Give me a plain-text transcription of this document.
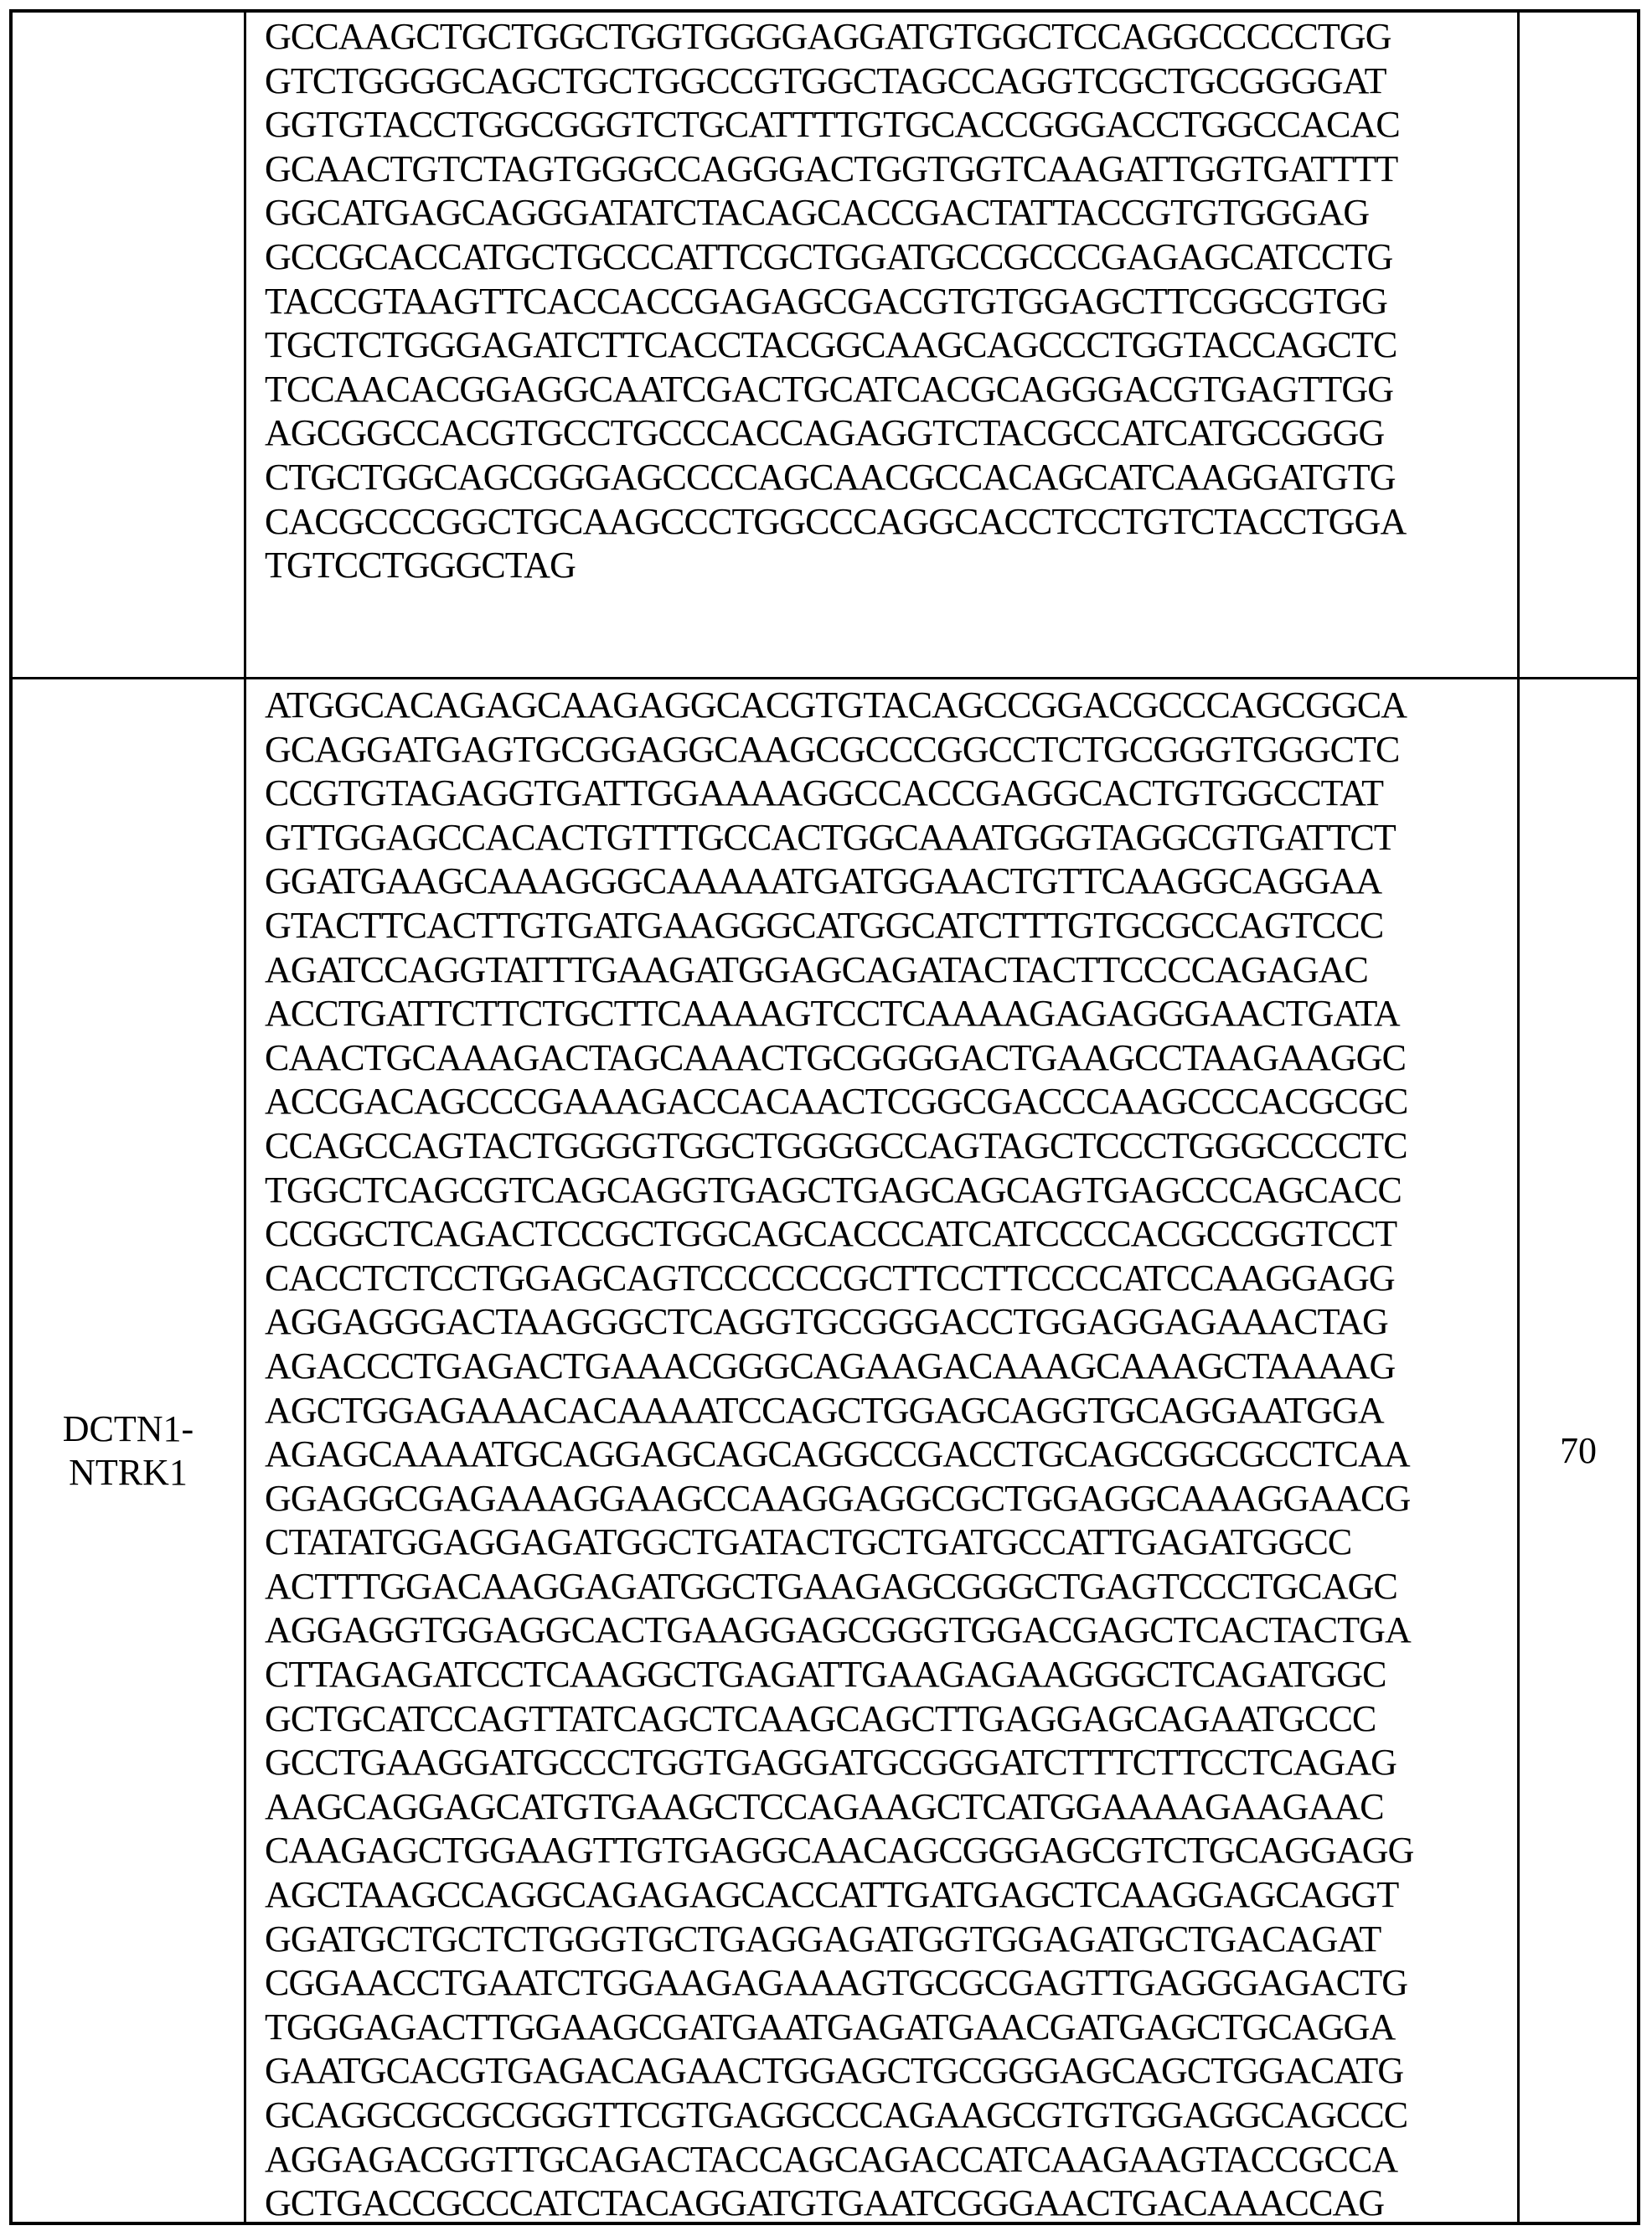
GCCAAGCTGCTGGCTGGTGGGGAGGATGTGGCTCCAGGCCCCCTGG
GTCTGGGGCAGCTGCTGGCCGTGGCTAGCCAGGTCGCTGCGGGGAT
GGTGTACCTGGCGGGTCTGCATTTTGTGCACCGGGACCTGGCCACAC
GCAACTGTCTAGTGGGCCAGGGACTGGTGGTCAAGATTGGTGATTTT
GGCATGAGCAGGGATATCTACAGCACCGACTATTACCGTGTGGGAG
GCCGCACCATGCTGCCCATTCGCTGGATGCCGCCCGAGAGCATCCTG
TACCGTAAGTTCACCACCGAGAGCGACGTGTGGAGCTTCGGCGTGG
TGCTCTGGGAGATCTTCACCTACGGCAAGCAGCCCTGGTACCAGCTC
TCCAACACGGAGGCAATCGACTGCATCACGCAGGGACGTGAGTTGG
AGCGGCCACGTGCCTGCCCACCAGAGGTCTACGCCATCATGCGGGG
CTGCTGGCAGCGGGAGCCCCAGCAACGCCACAGCATCAAGGATGTG
CACGCCCGGCTGCAAGCCCTGGCCCAGGCACCTCCTGTCTACCTGGA
TGTCCTGGGCTAG
DCTN1-
NTRK1
ATGGCACAGAGCAAGAGGCACGTGTACAGCCGGACGCCCAGCGGCA
GCAGGATGAGTGCGGAGGCAAGCGCCCGGCCTCTGCGGGTGGGCTC
CCGTGTAGAGGTGATTGGAAAAGGCCACCGAGGCACTGTGGCCTAT
GTTGGAGCCACACTGTTTGCCACTGGCAAATGGGTAGGCGTGATTCT
GGATGAAGCAAAGGGCAAAAATGATGGAACTGTTCAAGGCAGGAA
GTACTTCACTTGTGATGAAGGGCATGGCATCTTTGTGCGCCAGTCCC
AGATCCAGGTATTTGAAGATGGAGCAGATACTACTTCCCCAGAGAC
ACCTGATTCTTCTGCTTCAAAAGTCCTCAAAAGAGAGGGAACTGATA
CAACTGCAAAGACTAGCAAACTGCGGGGACTGAAGCCTAAGAAGGC
ACCGACAGCCCGAAAGACCACAACTCGGCGACCCAAGCCCACGCGC
CCAGCCAGTACTGGGGTGGCTGGGGCCAGTAGCTCCCTGGGCCCCTC
TGGCTCAGCGTCAGCAGGTGAGCTGAGCAGCAGTGAGCCCAGCACC
CCGGCTCAGACTCCGCTGGCAGCACCCATCATCCCCACGCCGGTCCT
CACCTCTCCTGGAGCAGTCCCCCCGCTTCCTTCCCCATCCAAGGAGG
AGGAGGGACTAAGGGCTCAGGTGCGGGACCTGGAGGAGAAACTAG
AGACCCTGAGACTGAAACGGGCAGAAGACAAAGCAAAGCTAAAAG
AGCTGGAGAAACACAAAATCCAGCTGGAGCAGGTGCAGGAATGGA
AGAGCAAAATGCAGGAGCAGCAGGCCGACCTGCAGCGGCGCCTCAA
GGAGGCGAGAAAGGAAGCCAAGGAGGCGCTGGAGGCAAAGGAACG
CTATATGGAGGAGATGGCTGATACTGCTGATGCCATTGAGATGGCC
ACTTTGGACAAGGAGATGGCTGAAGAGCGGGCTGAGTCCCTGCAGC
AGGAGGTGGAGGCACTGAAGGAGCGGGTGGACGAGCTCACTACTGA
CTTAGAGATCCTCAAGGCTGAGATTGAAGAGAAGGGCTCAGATGGC
GCTGCATCCAGTTATCAGCTCAAGCAGCTTGAGGAGCAGAATGCCC
GCCTGAAGGATGCCCTGGTGAGGATGCGGGATCTTTCTTCCTCAGAG
AAGCAGGAGCATGTGAAGCTCCAGAAGCTCATGGAAAAGAAGAAC
CAAGAGCTGGAAGTTGTGAGGCAACAGCGGGAGCGTCTGCAGGAGG
AGCTAAGCCAGGCAGAGAGCACCATTGATGAGCTCAAGGAGCAGGT
GGATGCTGCTCTGGGTGCTGAGGAGATGGTGGAGATGCTGACAGAT
CGGAACCTGAATCTGGAAGAGAAAGTGCGCGAGTTGAGGGAGACTG
TGGGAGACTTGGAAGCGATGAATGAGATGAACGATGAGCTGCAGGA
GAATGCACGTGAGACAGAACTGGAGCTGCGGGAGCAGCTGGACATG
GCAGGCGCGCGGGTTCGTGAGGCCCAGAAGCGTGTGGAGGCAGCCC
AGGAGACGGTTGCAGACTACCAGCAGACCATCAAGAAGTACCGCCA
GCTGACCGCCCATCTACAGGATGTGAATCGGGAACTGACAAACCAG
70
